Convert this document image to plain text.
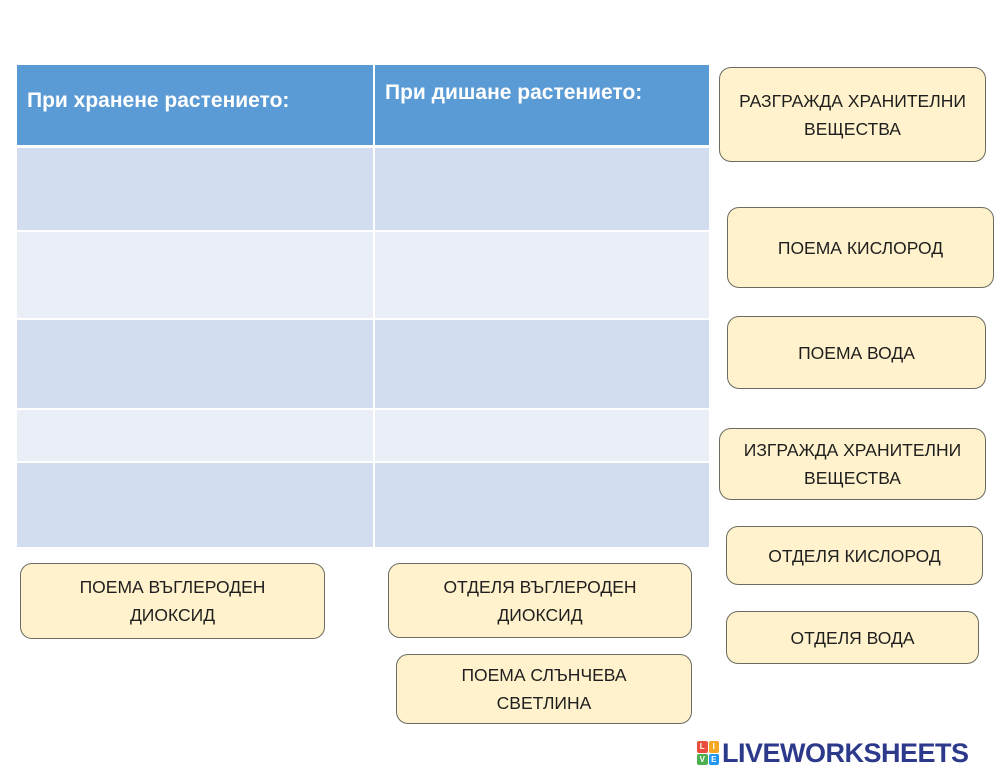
При хранене растението:	При дишане растението:	РАЗГРАЖДА ХРАНИТЕЛНИ ВЕЩЕСТВА
ПОЕМА КИСЛОРОД
ПОЕМА ВОДА
ИЗГРАЖДА ХРАНИТЕЛНИ ВЕЩЕСТВА
ОТДЕЛЯ КИСЛОРОД
ОТДЕЛЯ ВОДА
ПОЕМА ВЪГЛЕРОДЕН ДИОКСИД
ОТДЕЛЯ ВЪГЛЕРОДЕН ДИОКСИД
ПОЕМА СЛЪНЧЕВА СВЕТЛИНА
L I
V E LIVEWORKSHEETS
